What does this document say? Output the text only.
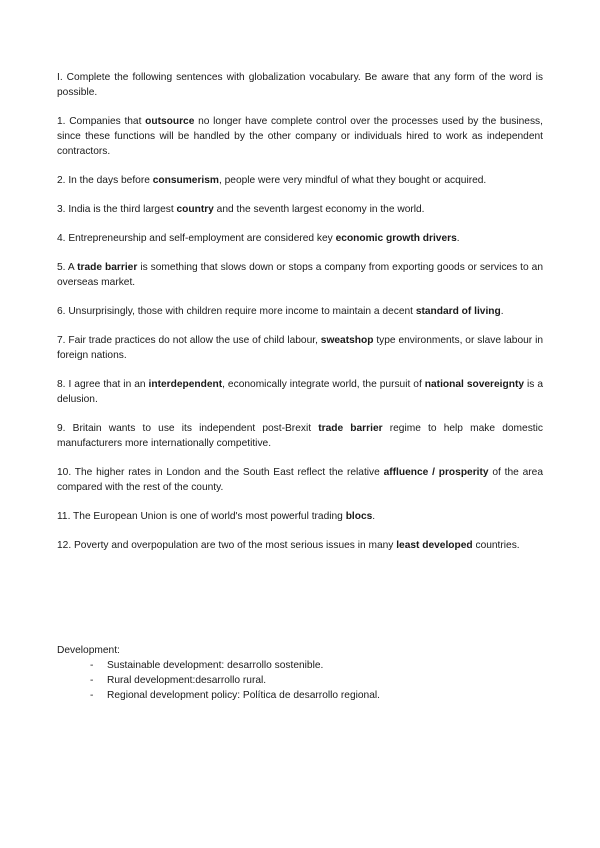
I. Complete the following sentences with globalization vocabulary. Be aware that any form of the word is possible.

1. Companies that outsource no longer have complete control over the processes used by the business, since these functions will be handled by the other company or individuals hired to work as independent contractors.

2. In the days before consumerism, people were very mindful of what they bought or acquired.

3. India is the third largest country and the seventh largest economy in the world.

4. Entrepreneurship and self-employment are considered key economic growth drivers.

5. A trade barrier is something that slows down or stops a company from exporting goods or services to an overseas market.

6. Unsurprisingly, those with children require more income to maintain a decent standard of living.

7. Fair trade practices do not allow the use of child labour, sweatshop type environments, or slave labour in foreign nations.

8. I agree that in an interdependent, economically integrate world, the pursuit of national sovereignty is a delusion.

9. Britain wants to use its independent post-Brexit trade barrier regime to help make domestic manufacturers more internationally competitive.

10. The higher rates in London and the South East reflect the relative affluence / prosperity of the area compared with the rest of the county.

11. The European Union is one of world's most powerful trading blocs.

12. Poverty and overpopulation are two of the most serious issues in many least developed countries.

Development:
- Sustainable development: desarrollo sostenible.
- Rural development:desarrollo rural.
- Regional development policy: Política de desarrollo regional.
